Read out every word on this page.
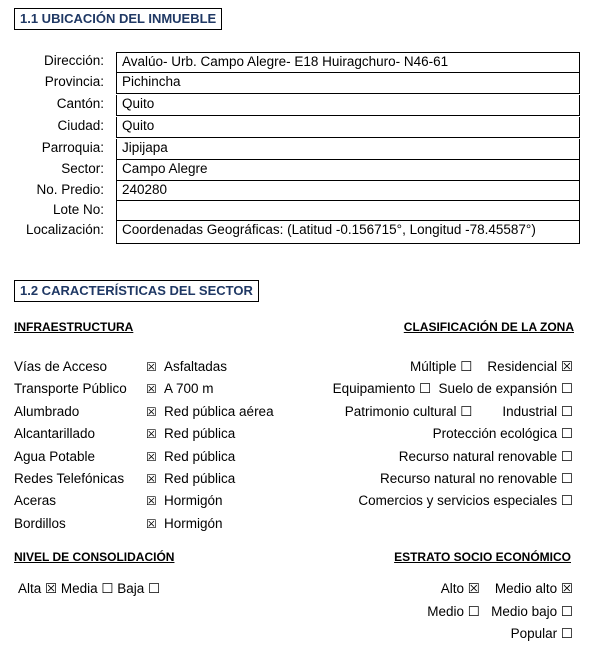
1.1 UBICACIÓN DEL INMUEBLE
Dirección:	Avalúo- Urb. Campo Alegre- E18 Huiragchuro- N46-61
Provincia:	Pichincha
Cantón:	Quito
Ciudad:	Quito
Parroquia:	Jipijapa
Sector:	Campo Alegre
No. Predio:	240280
Lote No:
Localización:	Coordenadas Geográficas: (Latitud -0.156715°, Longitud -78.45587°)
1.2 CARACTERÍSTICAS DEL SECTOR
INFRAESTRUCTURA	CLASIFICACIÓN DE LA ZONA
Vías de Acceso	☒ Asfaltadas
Transporte Público ☒ A 700 m
Alumbrado	☒ Red pública aérea
Alcantarillado	☒ Red pública
Agua Potable	☒ Red pública
Redes Telefónicas ☒ Red pública
Aceras	☒ Hormigón
Bordillos	☒ Hormigón
Múltiple ☐    Residencial ☒
Equipamiento ☐  Suelo de expansión ☐
Patrimonio cultural ☐        Industrial ☐
Protección ecológica ☐
Recurso natural renovable ☐
Recurso natural no renovable ☐
Comercios y servicios especiales ☐
NIVEL DE CONSOLIDACIÓN	ESTRATO SOCIO ECONÓMICO
Alta ☒ Media ☐ Baja ☐	Alto ☒    Medio alto ☒
Medio ☐   Medio bajo ☐
Popular ☐
